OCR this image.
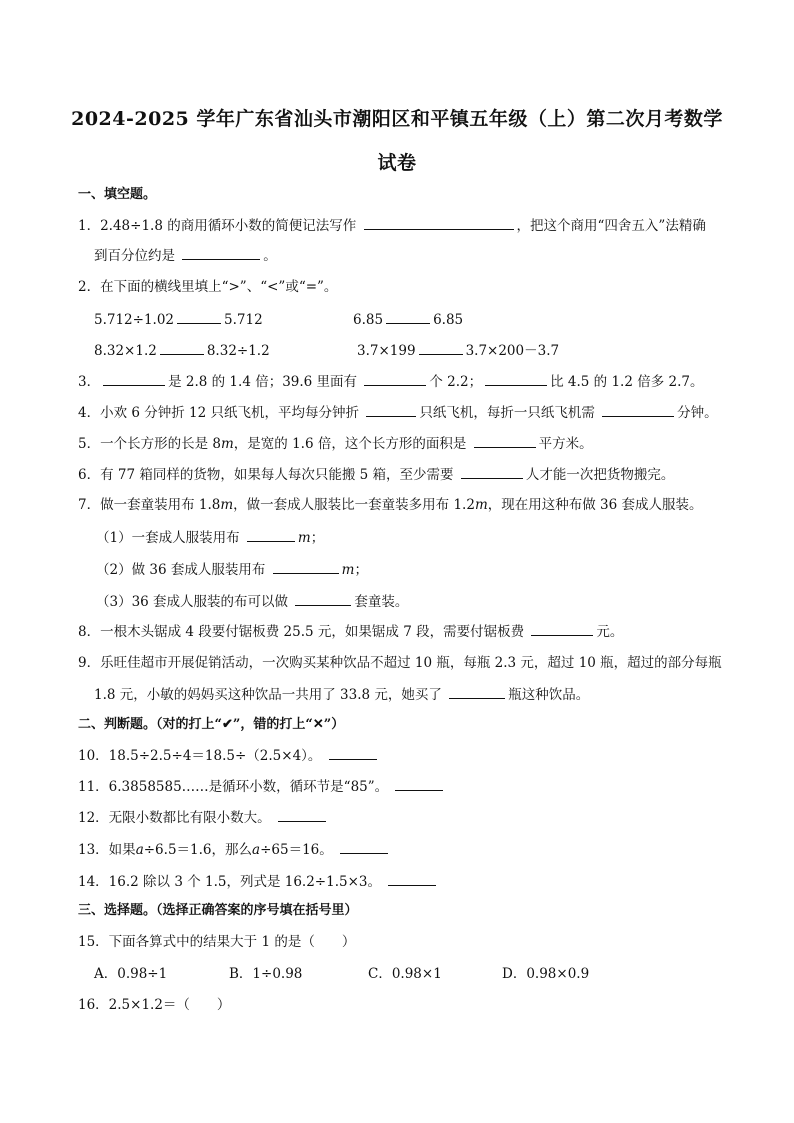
2024-2025 学年广东省汕头市潮阳区和平镇五年级（上）第二次月考数学
试卷
一、填空题。
1．2.48÷1.8 的商用循环小数的简便记法写作	，把这个商用“四舍五入”法精确
到百分位约是	。
2．在下面的横线里填上“>”、“<”或“=”。
5.712÷1.02	5.712	6.85	6.85
8.32×1.2	8.32÷1.2	3.7×199	3.7×200－3.7
3．	是 2.8 的 1.4 倍；39.6 里面有	个 2.2；	比 4.5 的 1.2 倍多 2.7。
4．小欢 6 分钟折 12 只纸飞机，平均每分钟折	只纸飞机，每折一只纸飞机需	分钟。
5．一个长方形的长是 8m，是宽的 1.6 倍，这个长方形的面积是	平方米。
6．有 77 箱同样的货物，如果每人每次只能搬 5 箱，至少需要	人才能一次把货物搬完。
7．做一套童装用布 1.8m，做一套成人服装比一套童装多用布 1.2m，现在用这种布做 36 套成人服装。
（1）一套成人服装用布	m；
（2）做 36 套成人服装用布	m；
（3）36 套成人服装的布可以做	套童装。
8．一根木头锯成 4 段要付锯板费 25.5 元，如果锯成 7 段，需要付锯板费	元。
9．乐旺佳超市开展促销活动，一次购买某种饮品不超过 10 瓶，每瓶 2.3 元，超过 10 瓶，超过的部分每瓶
1.8 元，小敏的妈妈买这种饮品一共用了 33.8 元，她买了	瓶这种饮品。
二、判断题。（对的打上“✔”，错的打上“✕”）
10．18.5÷2.5÷4＝18.5÷（2.5×4）。
11．6.3858585……是循环小数，循环节是“85”。
12．无限小数都比有限小数大。
13．如果a÷6.5＝1.6，那么a÷65＝16。
14．16.2 除以 3 个 1.5，列式是 16.2÷1.5×3。
三、选择题。（选择正确答案的序号填在括号里）
15．下面各算式中的结果大于 1 的是（　　）
A．0.98÷1	B．1÷0.98	C．0.98×1	D．0.98×0.9
16．2.5×1.2＝（　　）
